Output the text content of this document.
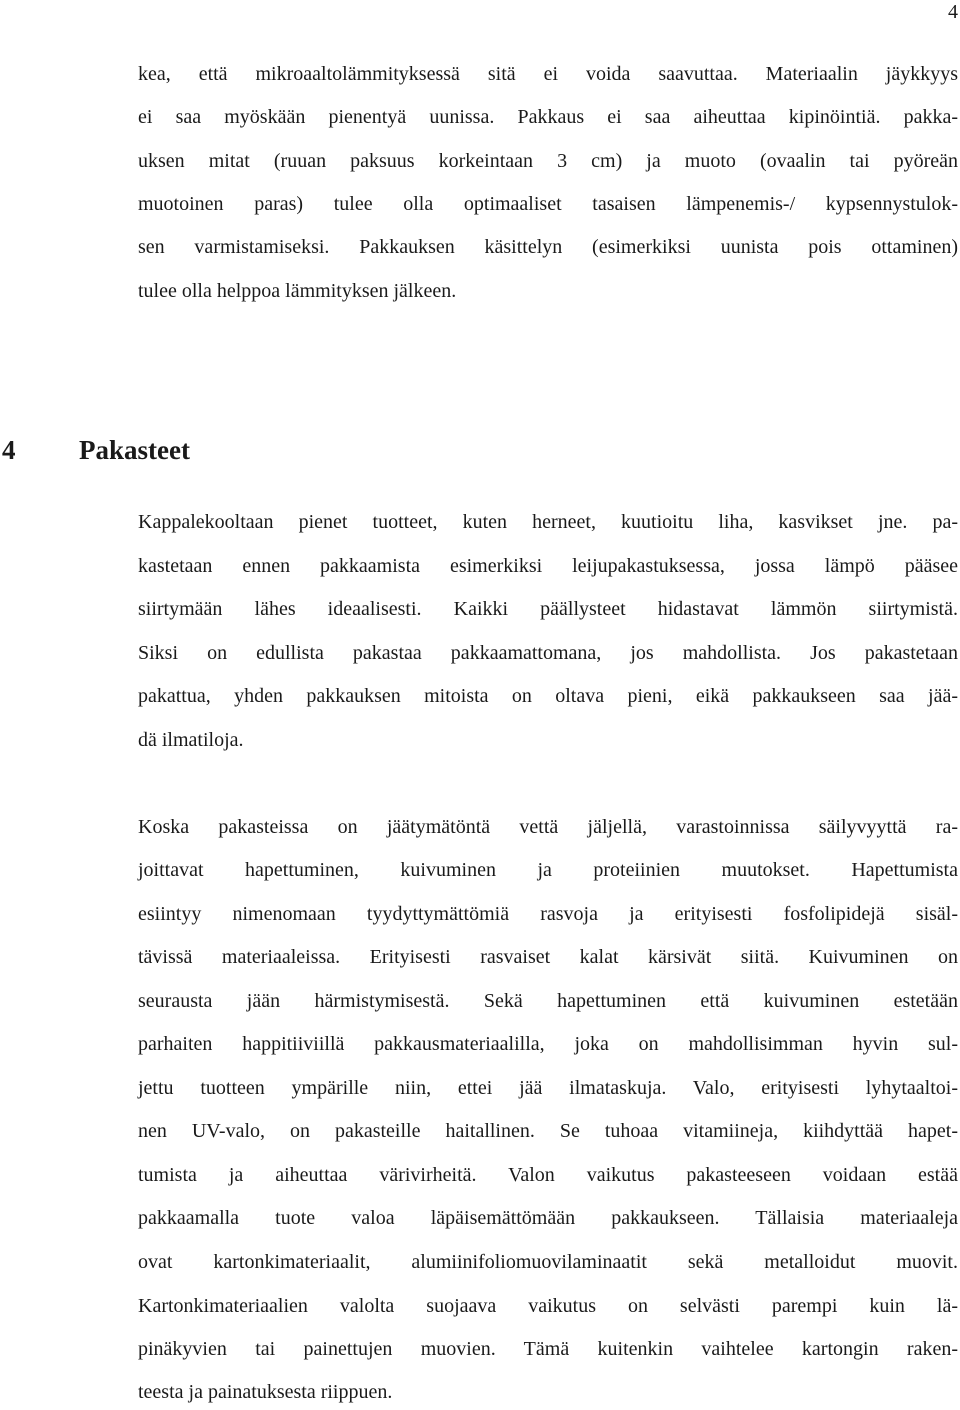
4
kea, että mikroaaltolämmityksessä sitä ei voida saavuttaa. Materiaalin jäykkyys
ei saa myöskään pienentyä uunissa. Pakkaus ei saa aiheuttaa kipinöintiä. pakka-
uksen mitat (ruuan paksuus korkeintaan 3 cm) ja muoto (ovaalin tai pyöreän
muotoinen paras) tulee olla optimaaliset tasaisen lämpenemis-/ kypsennystulok-
sen varmistamiseksi. Pakkauksen käsittelyn (esimerkiksi uunista pois ottaminen)
tulee olla helppoa lämmityksen jälkeen.
4 Pakasteet
Kappalekooltaan pienet tuotteet, kuten herneet, kuutioitu liha, kasvikset jne. pa-
kastetaan ennen pakkaamista esimerkiksi leijupakastuksessa, jossa lämpö pääsee
siirtymään lähes ideaalisesti. Kaikki päällysteet hidastavat lämmön siirtymistä.
Siksi on edullista pakastaa pakkaamattomana, jos mahdollista. Jos pakastetaan
pakattua, yhden pakkauksen mitoista on oltava pieni, eikä pakkaukseen saa jää-
dä ilmatiloja.
Koska pakasteissa on jäätymätöntä vettä jäljellä, varastoinnissa säilyvyyttä ra-
joittavat hapettuminen, kuivuminen ja proteiinien muutokset. Hapettumista
esiintyy nimenomaan tyydyttymättömiä rasvoja ja erityisesti fosfolipidejä sisäl-
tävissä materiaaleissa. Erityisesti rasvaiset kalat kärsivät siitä. Kuivuminen on
seurausta jään härmistymisestä. Sekä hapettuminen että kuivuminen estetään
parhaiten happitiiviillä pakkausmateriaalilla, joka on mahdollisimman hyvin sul-
jettu tuotteen ympärille niin, ettei jää ilmataskuja. Valo, erityisesti lyhytaaltoi-
nen UV-valo, on pakasteille haitallinen. Se tuhoaa vitamiineja, kiihdyttää hapet-
tumista ja aiheuttaa värivirheitä. Valon vaikutus pakasteeseen voidaan estää
pakkaamalla tuote valoa läpäisemättömään pakkaukseen. Tällaisia materiaaleja
ovat kartonkimateriaalit, alumiinifoliomuovilaminaatit sekä metalloidut muovit.
Kartonkimateriaalien valolta suojaava vaikutus on selvästi parempi kuin lä-
pinäkyvien tai painettujen muovien. Tämä kuitenkin vaihtelee kartongin raken-
teesta ja painatuksesta riippuen.
